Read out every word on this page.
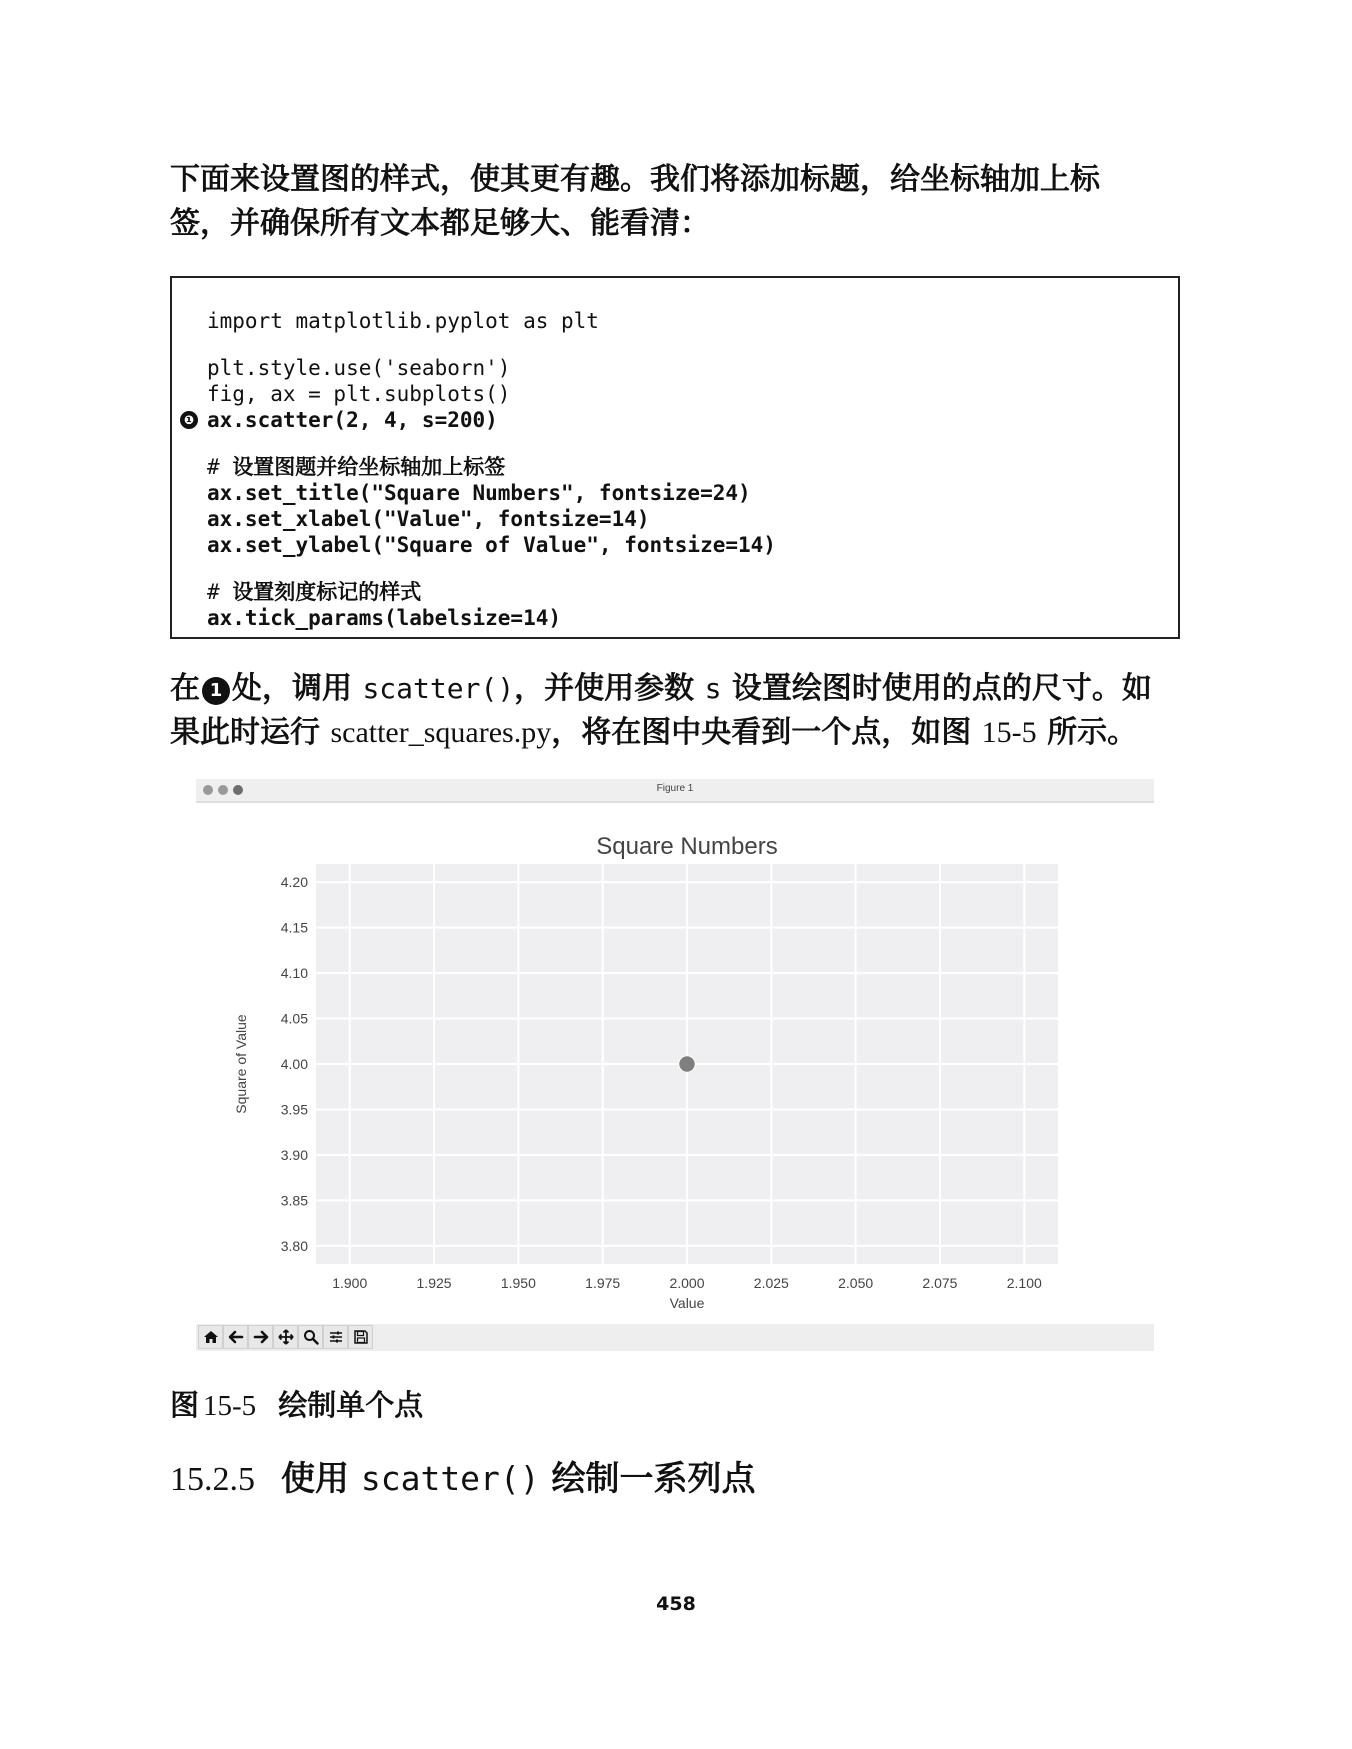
下面来设置图的样式，使其更有趣。我们将添加标题，给坐标轴加上标
签，并确保所有文本都足够大、能看清：
import matplotlib.pyplot as plt
plt.style.use('seaborn')
fig, ax = plt.subplots()
❶ ax.scatter(2, 4, s=200)
# 设置图题并给坐标轴加上标签
ax.set_title("Square Numbers", fontsize=24)
ax.set_xlabel("Value", fontsize=14)
ax.set_ylabel("Square of Value", fontsize=14)
# 设置刻度标记的样式
ax.tick_params(labelsize=14)
在 1 处，调用 scatter()，并使用参数 s 设置绘图时使用的点的尺寸。如
果此时运行 scatter_squares.py，将在图中央看到一个点，如图 15-5 所示。
Figure 1
1.900	1.925	1.950	1.975	2.000	2.025	2.050	2.075	2.100
3.80
3.85
3.90
3.95
4.00
4.05
4.10
4.15
4.20
Square Numbers
Value
Square of Value
图 15-5 绘制单个点
15.2.5 使用 scatter() 绘制一系列点
458
